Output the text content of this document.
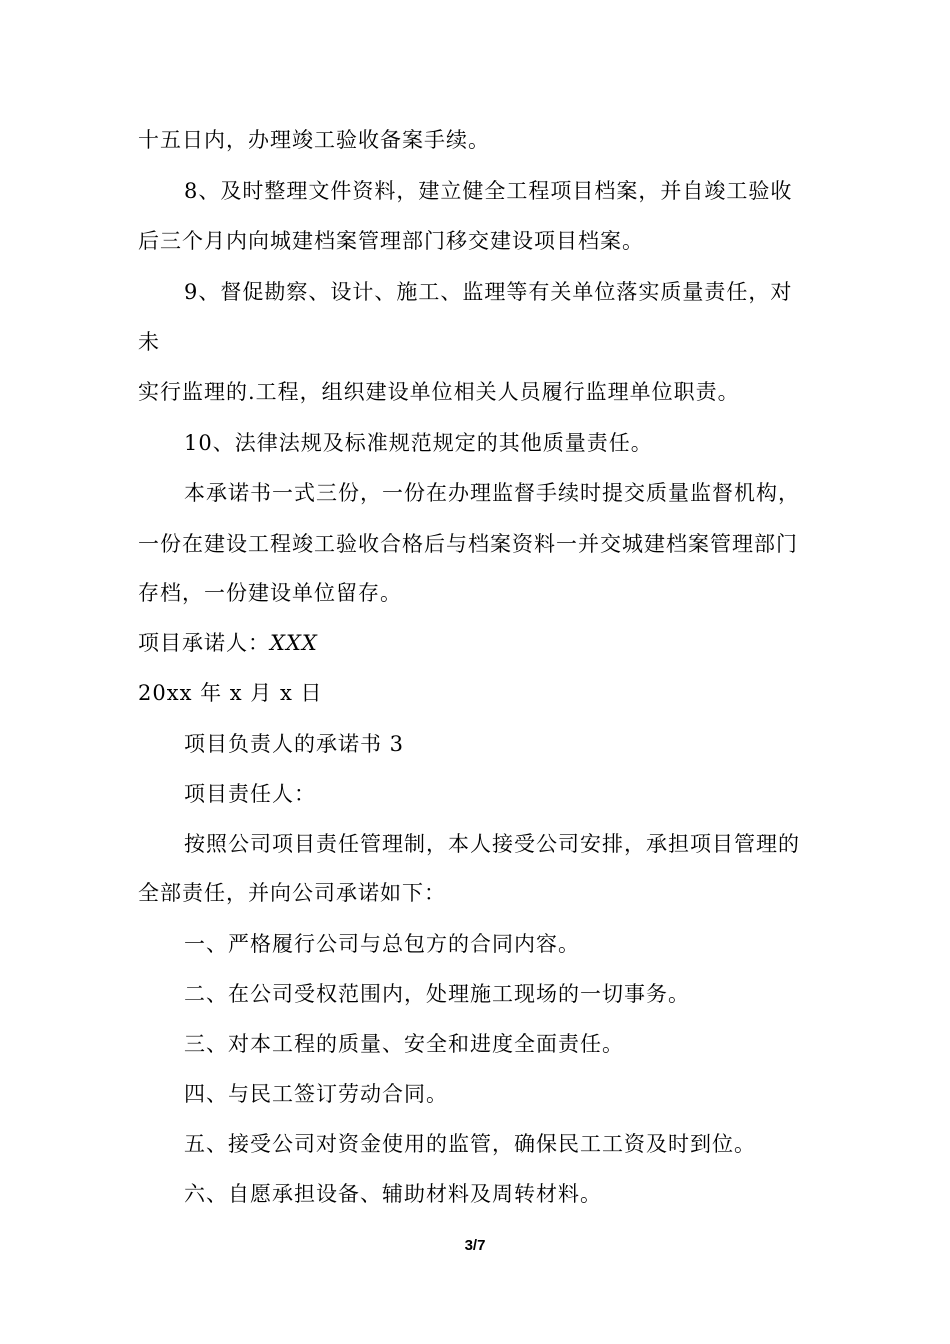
十五日内，办理竣工验收备案手续。
8、及时整理文件资料，建立健全工程项目档案，并自竣工验收
后三个月内向城建档案管理部门移交建设项目档案。
9、督促勘察、设计、施工、监理等有关单位落实质量责任，对
未
实行监理的.工程，组织建设单位相关人员履行监理单位职责。
10、法律法规及标准规范规定的其他质量责任。
本承诺书一式三份，一份在办理监督手续时提交质量监督机构，
一份在建设工程竣工验收合格后与档案资料一并交城建档案管理部门
存档，一份建设单位留存。
项目承诺人：XXX
20xx 年 x 月 x 日
项目负责人的承诺书 3
项目责任人：
按照公司项目责任管理制，本人接受公司安排，承担项目管理的
全部责任，并向公司承诺如下：
一、严格履行公司与总包方的合同内容。
二、在公司受权范围内，处理施工现场的一切事务。
三、对本工程的质量、安全和进度全面责任。
四、与民工签订劳动合同。
五、接受公司对资金使用的监管，确保民工工资及时到位。
六、自愿承担设备、辅助材料及周转材料。
3/7
